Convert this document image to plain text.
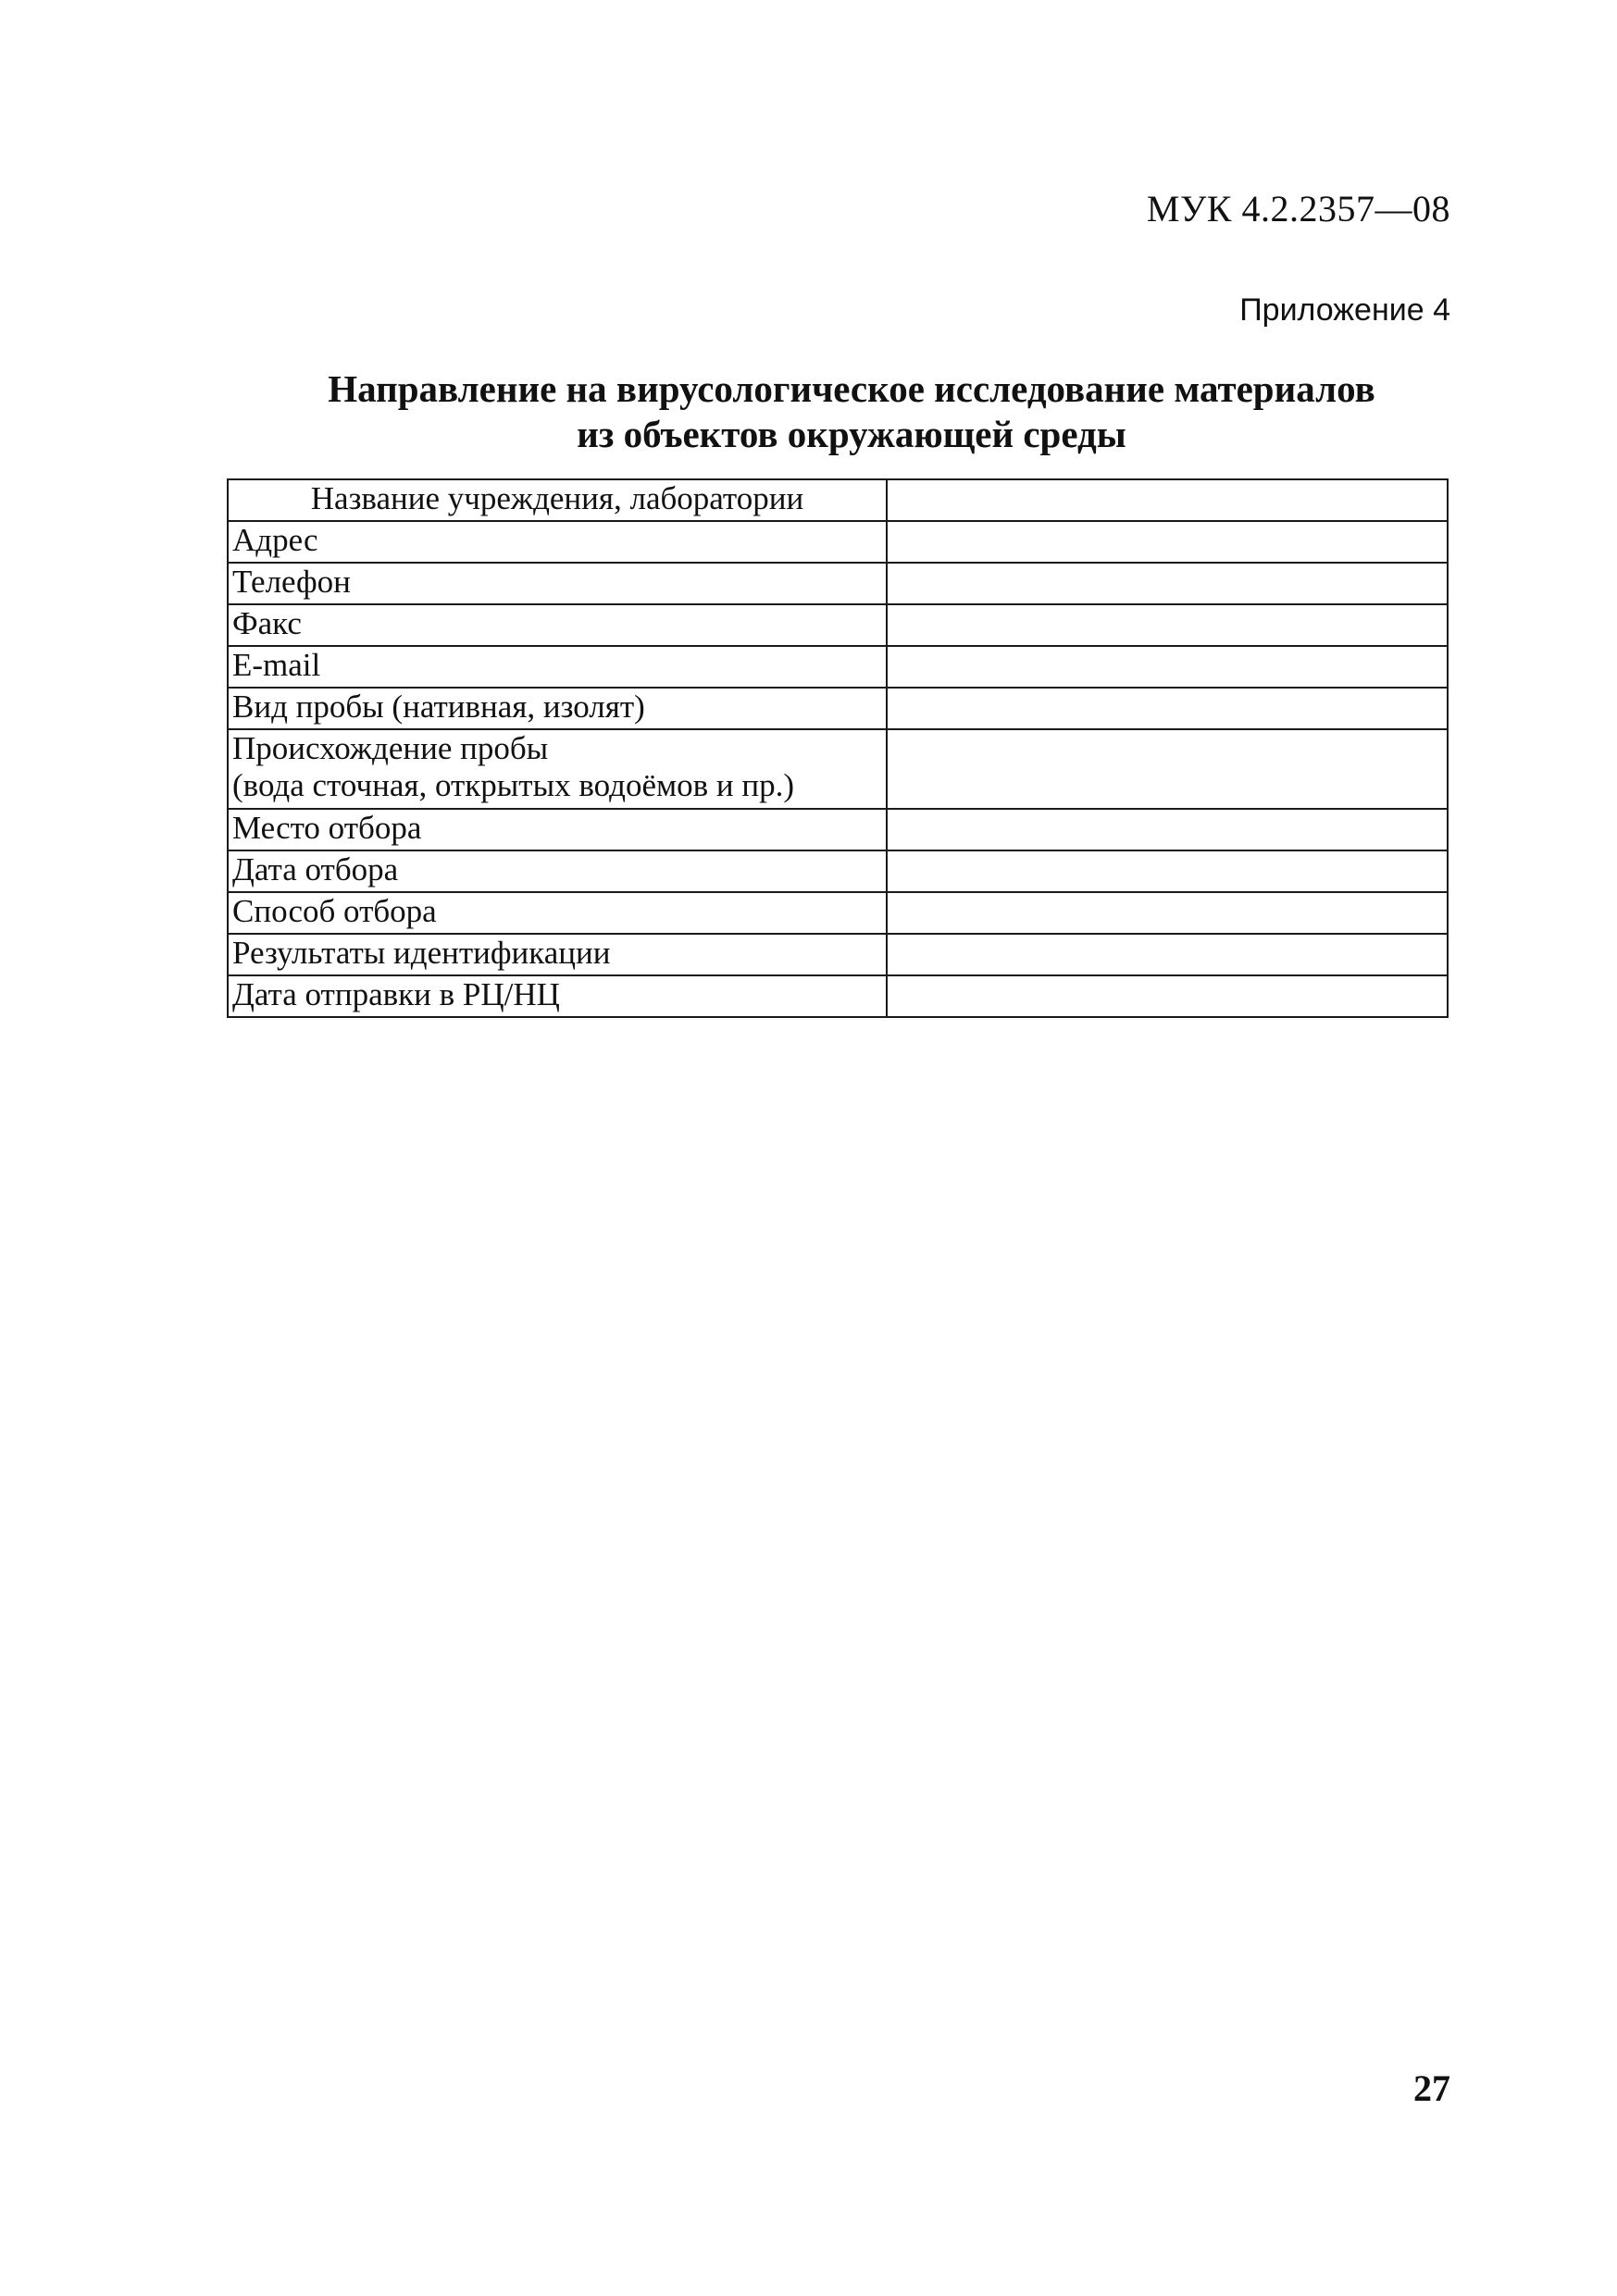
МУК 4.2.2357—08
Приложение 4
Направление на вирусологическое исследование материалов
из объектов окружающей среды
Название учреждения, лаборатории	
Адрес	
Телефон	
Факс	
E-mail	
Вид пробы (нативная, изолят)	
Происхождение пробы
(вода сточная, открытых водоёмов и пр.)	
Место отбора	
Дата отбора	
Способ отбора	
Результаты идентификации	
Дата отправки в РЦ/НЦ	
27
